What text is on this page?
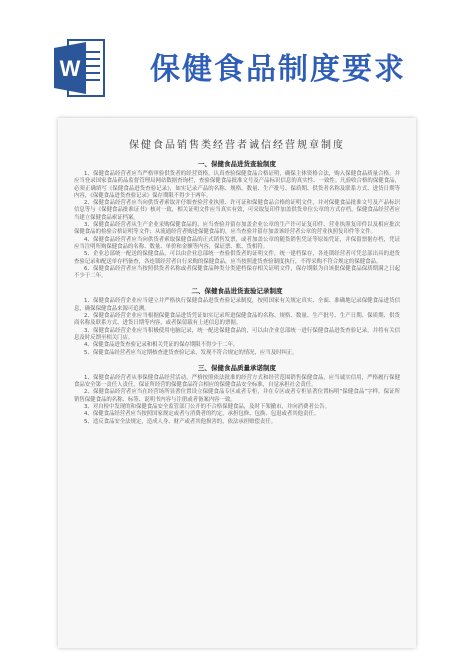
W 保健食品制度要求
保健食品销售类经营者诚信经营规章制度
一、保健食品进货查验制度

1、保健食品经营者应当严格审验供货者的经营资格，认真查验保健食品合格证明，确保主体资格合法，购入保健食品质量合格，并应当登录国家食品药品监督管理局网站数据查询栏，查验保健食品批准文号及产品标识信息的真实性、一致性。凡验收合格的保健食品，必须正确填写《保健食品进货查验记录》，如实记录产品的名称、规格、数量、生产批号、保质期、供货者名称及联系方式、进货日期等内容，《保健食品进货查验记录》保存期限不得少于两年。

2、保健食品经营者应当向供货者索取并仔细查验营业执照、许可证和保健食品合格的证明文件，并对保健食品批准文号及产品标识信息等与《保健食品批准证书》核对一致，相关证明文件应当真实有效，可采取复印件加盖供货单位公章的方式存档，保健食品经营者应当建立保健食品索证档案。

3、保健食品经营者从生产企业采购保健食品的，应当查验并留存加盖企业公章的生产许可证复印件、营业执照复印件以及相应批次保健食品的检验合格证明等文件；从流通经营者购进保健食品的，应当查验并留存加盖该经营者公章的营业执照复印件等文件。

4、保健食品经营者应当向供货者索取保健食品的正式销售发票，或者加盖公章的随货销售凭证等原始凭证，并保留票据存档，凭证应当注明所购保健食品的名称、数量、单价和金额等内容，保证票、账、货相符。

5、企业总部统一配送的保健食品，可以由企业总部统一查验供货者的证明文件，统一建档保存，各连锁经营者可凭总部出具的进货查验记录和配送单存档备查，各连锁经营者自行采购的保健食品，应当按照进货查验制度执行，不得采购不符合规定的保健食品。

6、保健食品经营者应当按照供货者名称或者保健食品种类分类建档保存相关证明文件，保存期限为自该批保健食品保质期满之日起不少于二年。

二、保健食品进货查验记录制度

1、保健食品经营企业应当建立并严格执行保健食品进货查验记录制度，按照国家有关规定真实、全面、准确地记录保健食品进货信息，确保保健食品来源可追溯。

2、保健食品经营企业应当根据保健食品进货凭证如实记录所进保健食品的名称、规格、数量、生产批号、生产日期、保质期、供货商名称及联系方式、进货日期等内容，或者保留载有上述信息的票据。

3、保健食品经营企业应当积极使用电脑记录，统一配送保健食品的，可以由企业总部统一进行保健食品进货查验记录，并将有关信息及时反馈至相关门店。

4、保健食品进货查验记录和相关凭证的保存期限不得少于二年。

5、保健食品经营者应当定期核查进货查验记录，发现不符合规定的情况，应当及时纠正。

三、保健食品质量承诺制度

1、保健食品经营者从事保健食品经营活动，严格按照依法批准的经营方式和经营范围销售保健食品，应当诚实信用，严格履行保健食品安全第一责任人责任，保证所经营的保健食品符合相应的保健食品安全标准，自觉承担社会责任。

2、保健食品经营者应当在经营场所显著位置设立保健食品专区或者专柜，并在专区或者专柜显著位置标明“保健食品”字样，保证所销售保健食品的名称、标签、说明书内容与注册或者备案内容一致。

3、对自检中发现的和保健食品安全监管部门公开的不合格保健食品，及时下架撤市，并向消费者公告。

4、保健食品经营者应当按照国家规定或者与消费者的约定，承担包修、包换、包退或者其他责任。

5、违反食品安全法规定，造成人身、财产或者其他损害的，依法承担赔偿责任。
